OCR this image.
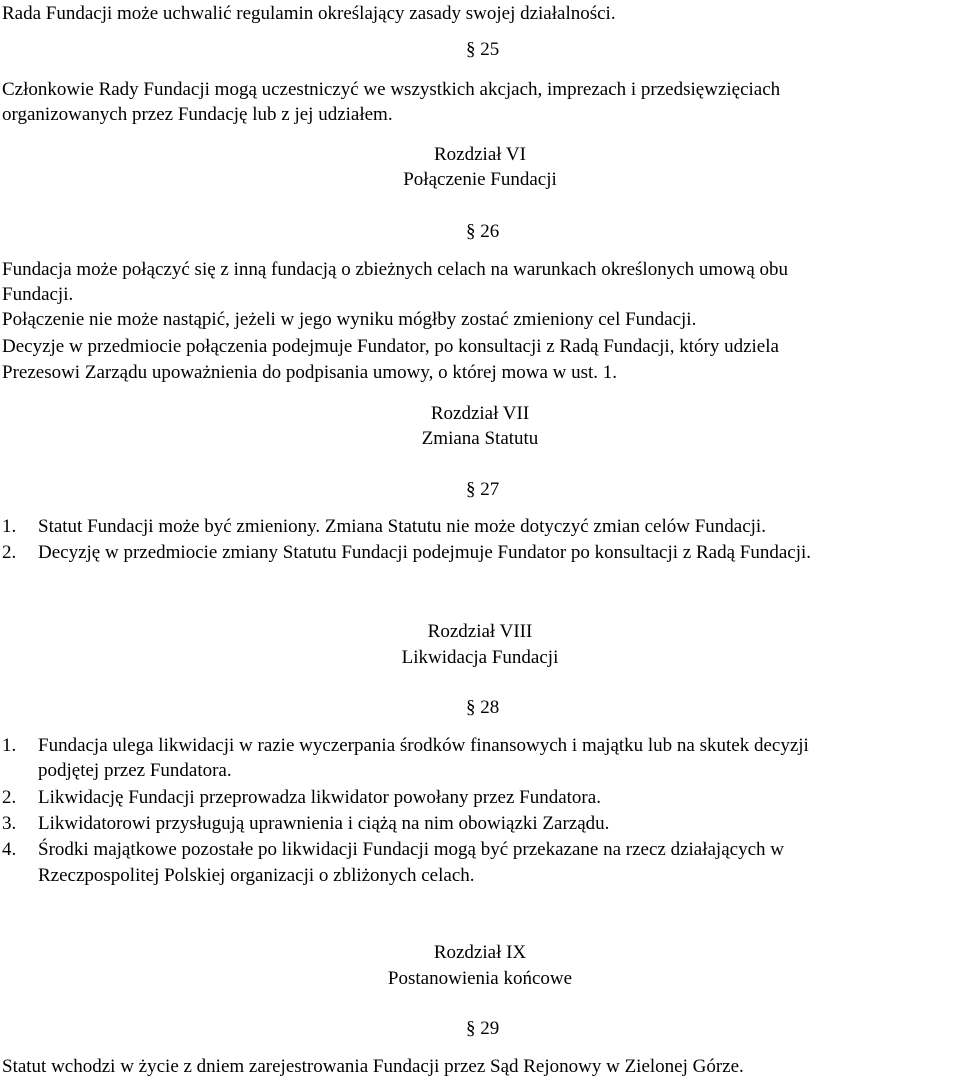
Rada Fundacji może uchwalić regulamin określający zasady swojej działalności.
§ 25
Członkowie Rady Fundacji mogą uczestniczyć we wszystkich akcjach, imprezach i przedsięwzięciach
organizowanych przez Fundację lub z jej udziałem.
Rozdział VI
Połączenie Fundacji
§ 26
Fundacja może połączyć się z inną fundacją o zbieżnych celach na warunkach określonych umową obu
Fundacji.
Połączenie nie może nastąpić, jeżeli w jego wyniku mógłby zostać zmieniony cel Fundacji.
Decyzje w przedmiocie połączenia podejmuje Fundator, po konsultacji z Radą Fundacji, który udziela
Prezesowi Zarządu upoważnienia do podpisania umowy, o której mowa w ust. 1.
Rozdział VII
Zmiana Statutu
§ 27
1. Statut Fundacji może być zmieniony. Zmiana Statutu nie może dotyczyć zmian celów Fundacji.
2. Decyzję w przedmiocie zmiany Statutu Fundacji podejmuje Fundator po konsultacji z Radą Fundacji.
Rozdział VIII
Likwidacja Fundacji
§ 28
1. Fundacja ulega likwidacji w razie wyczerpania środków finansowych i majątku lub na skutek decyzji
podjętej przez Fundatora.
2. Likwidację Fundacji przeprowadza likwidator powołany przez Fundatora.
3. Likwidatorowi przysługują uprawnienia i ciążą na nim obowiązki Zarządu.
4. Środki majątkowe pozostałe po likwidacji Fundacji mogą być przekazane na rzecz działających w
Rzeczpospolitej Polskiej organizacji o zbliżonych celach.
Rozdział IX
Postanowienia końcowe
§ 29
Statut wchodzi w życie z dniem zarejestrowania Fundacji przez Sąd Rejonowy w Zielonej Górze.
